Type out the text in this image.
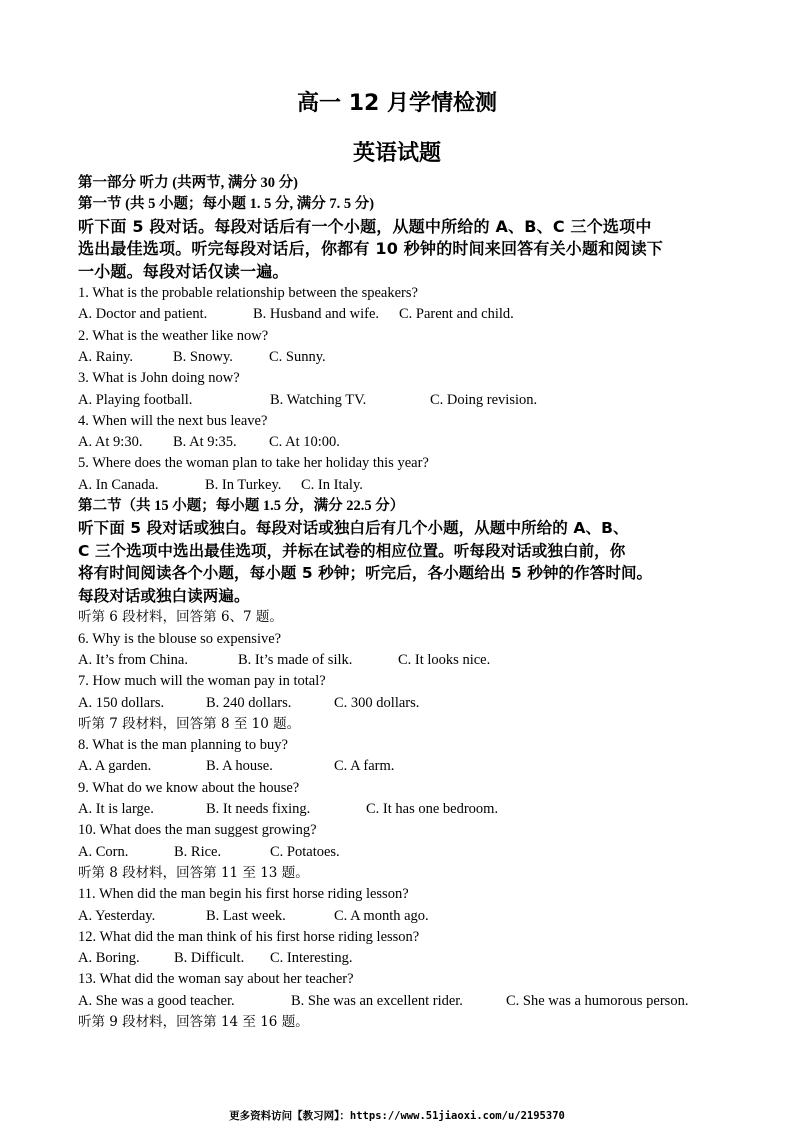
高一 12 月学情检测
英语试题
第一部分 听力 (共两节, 满分 30 分)
第一节 (共 5 小题；每小题 1. 5 分, 满分 7. 5 分)
听下面 5 段对话。每段对话后有一个小题，从题中所给的 A、B、C 三个选项中
选出最佳选项。听完每段对话后，你都有 10 秒钟的时间来回答有关小题和阅读下
一小题。每段对话仅读一遍。
1. What is the probable relationship between the speakers?
A. Doctor and patient.	B. Husband and wife.	C. Parent and child.
2. What is the weather like now?
A. Rainy.	B. Snowy.	C. Sunny.
3. What is John doing now?
A. Playing football.	B. Watching TV.	C. Doing revision.
4. When will the next bus leave?
A. At 9:30.	B. At 9:35.	C. At 10:00.
5. Where does the woman plan to take her holiday this year?
A. In Canada.	B. In Turkey.	C. In Italy.
第二节（共 15 小题；每小题 1.5 分，满分 22.5 分）
听下面 5 段对话或独白。每段对话或独白后有几个小题，从题中所给的 A、B、
C 三个选项中选出最佳选项，并标在试卷的相应位置。听每段对话或独白前，你
将有时间阅读各个小题，每小题 5 秒钟；听完后，各小题给出 5 秒钟的作答时间。
每段对话或独白读两遍。
听第 6 段材料，回答第 6、7 题。
6. Why is the blouse so expensive?
A. It’s from China.	B. It’s made of silk.	C. It looks nice.
7. How much will the woman pay in total?
A. 150 dollars.	B. 240 dollars.	C. 300 dollars.
听第 7 段材料，回答第 8 至 10 题。
8. What is the man planning to buy?
A. A garden.	B. A house.	C. A farm.
9. What do we know about the house?
A. It is large.	B. It needs fixing.	C. It has one bedroom.
10. What does the man suggest growing?
A. Corn.	B. Rice.	C. Potatoes.
听第 8 段材料，回答第 11 至 13 题。
11. When did the man begin his first horse riding lesson?
A. Yesterday.	B. Last week.	C. A month ago.
12. What did the man think of his first horse riding lesson?
A. Boring.	B. Difficult.	C. Interesting.
13. What did the woman say about her teacher?
A. She was a good teacher.	B. She was an excellent rider.	C. She was a humorous person.
听第 9 段材料，回答第 14 至 16 题。
更多资料访问【教习网】：https://www.51jiaoxi.com/u/2195370
